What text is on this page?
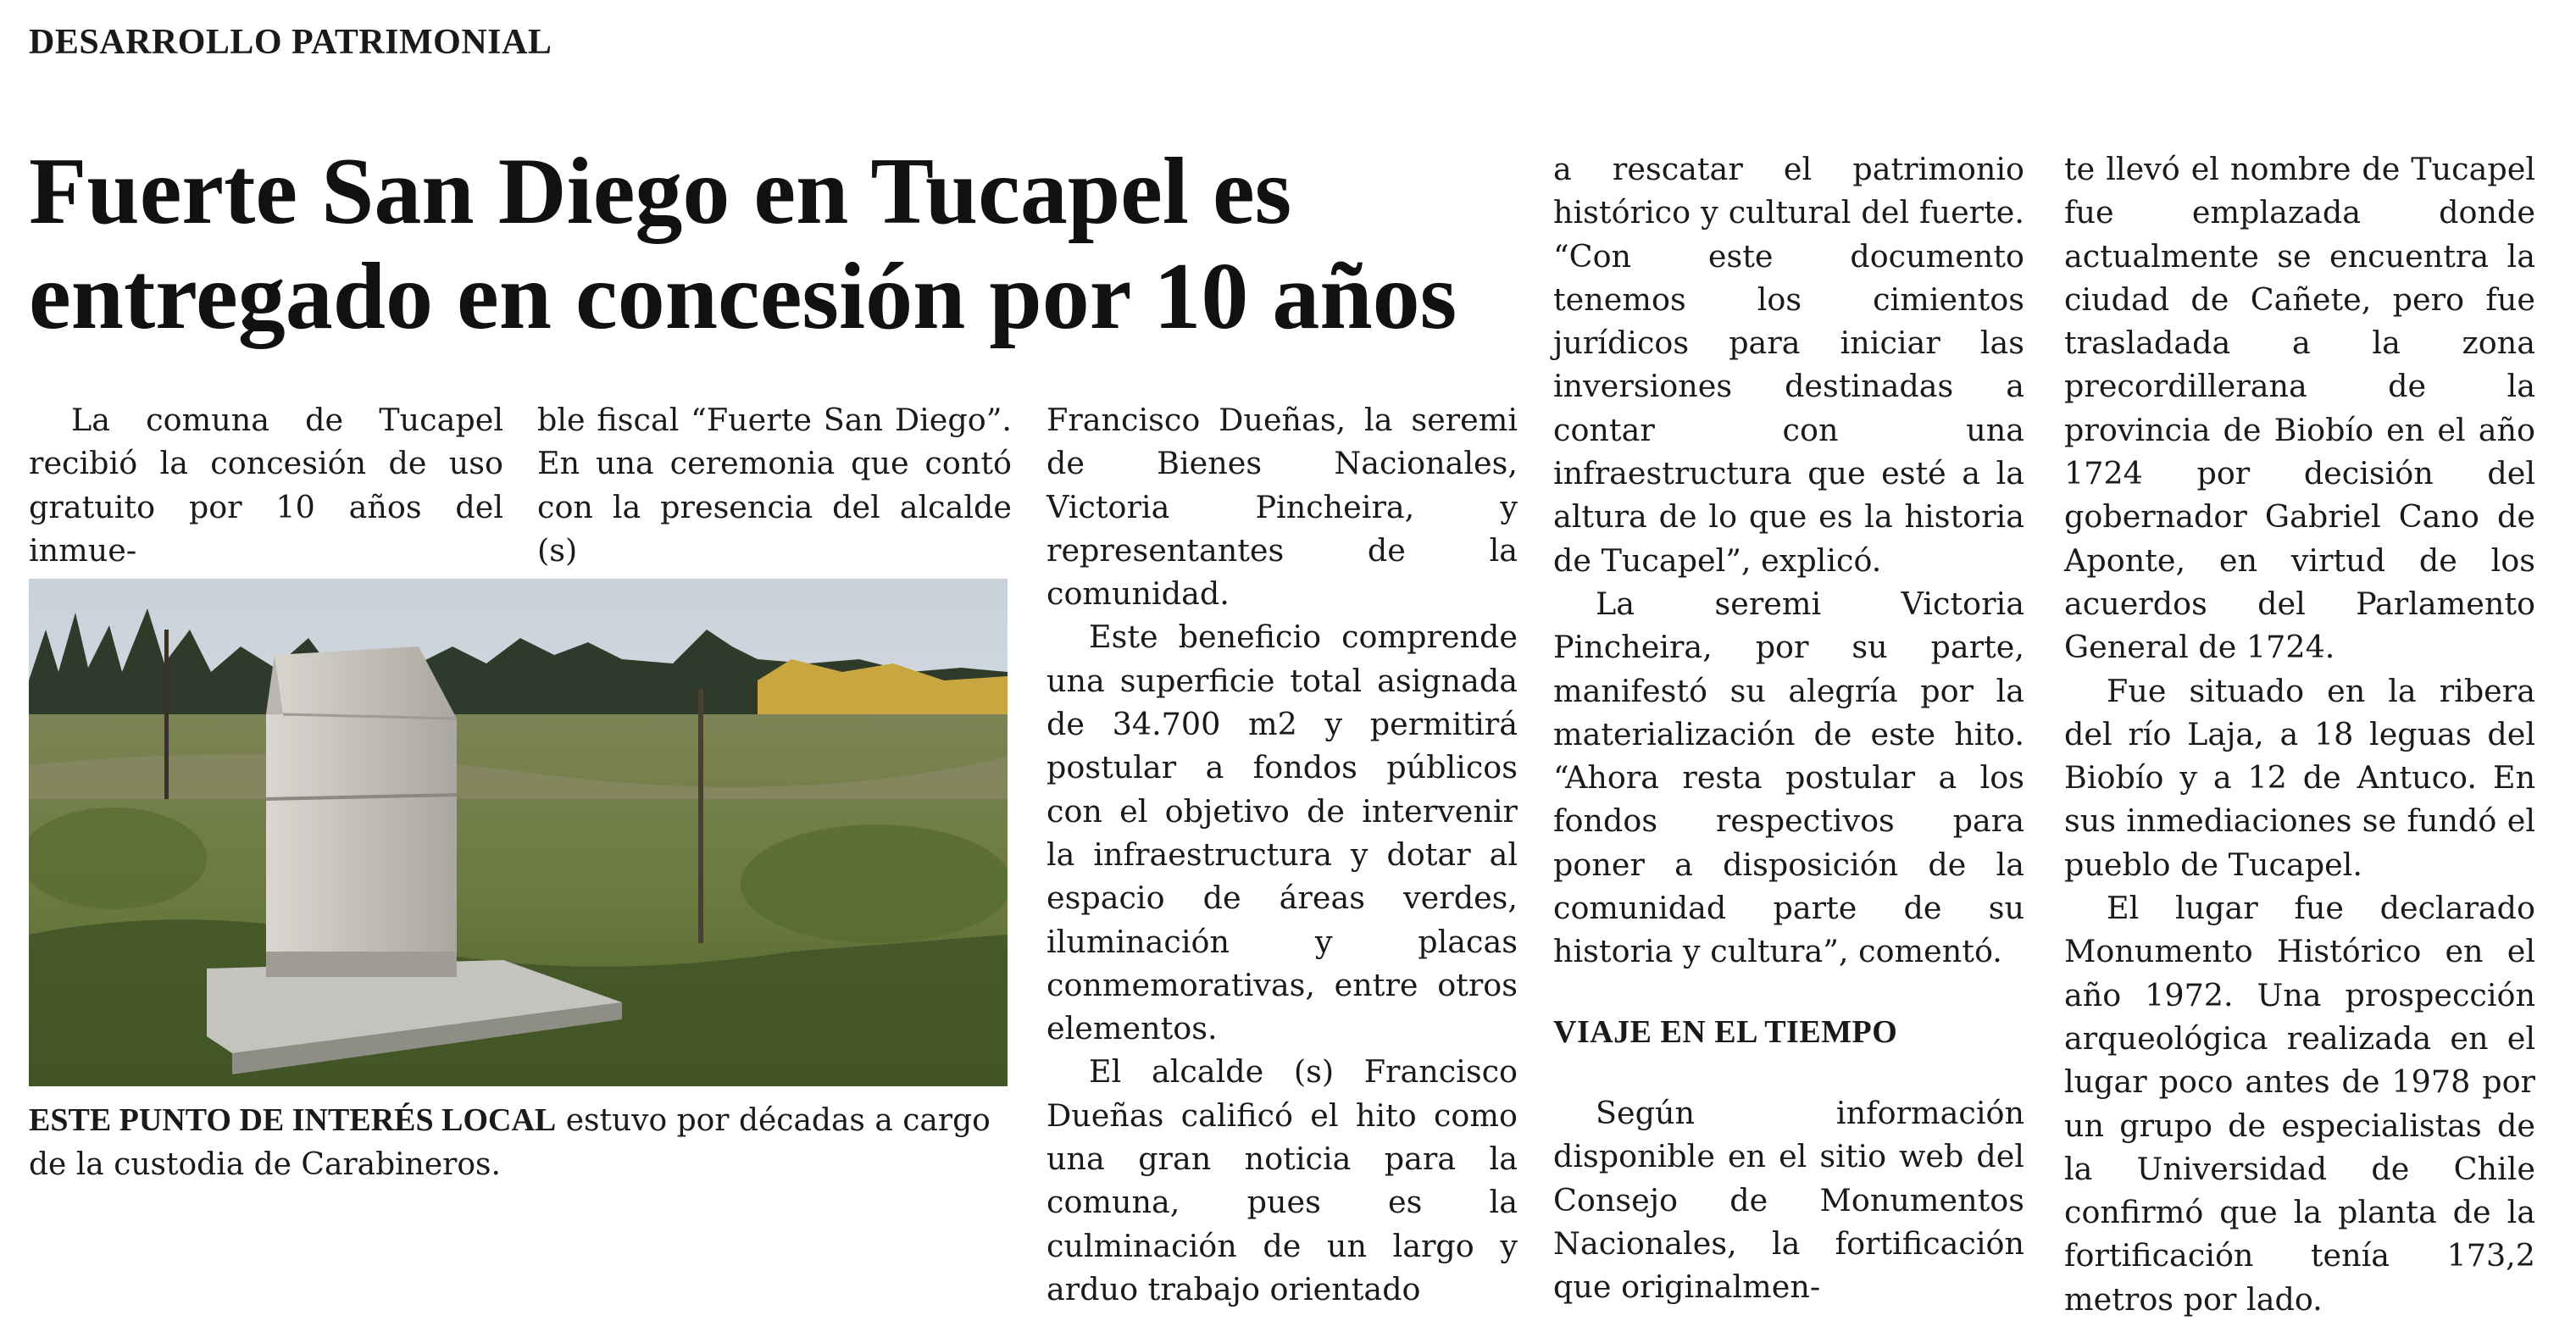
DESARROLLO PATRIMONIAL
Fuerte San Diego en Tucapel es
entregado en concesión por 10 años

La comuna de Tucapel recibió la concesión de uso gratuito por 10 años del inmue-

ble fiscal “Fuerte San Diego”. En una ceremonia que contó con la presencia del alcalde (s)

ESTE PUNTO DE INTERÉS LOCAL estuvo por décadas a cargo de la custodia de Carabineros.

Francisco Dueñas, la seremi de Bienes Nacionales, Victoria Pincheira, y representantes de la comunidad.

Este beneficio comprende una superficie total asignada de 34.700 m2 y permitirá postular a fondos públicos con el objetivo de intervenir la infraestructura y dotar al espacio de áreas verdes, iluminación y placas conmemorativas, entre otros elementos.

El alcalde (s) Francisco Dueñas calificó el hito como una gran noticia para la comuna, pues es la culminación de un largo y arduo trabajo orientado

a rescatar el patrimonio histórico y cultural del fuerte. “Con este documento tenemos los cimientos jurídicos para iniciar las inversiones destinadas a contar con una infraestructura que esté a la altura de lo que es la historia de Tucapel”, explicó.

La seremi Victoria Pincheira, por su parte, manifestó su alegría por la materialización de este hito. “Ahora resta postular a los fondos respectivos para poner a disposición de la comunidad parte de su historia y cultura”, comentó.

VIAJE EN EL TIEMPO

Según información disponible en el sitio web del Consejo de Monumentos Nacionales, la fortificación que originalmen-

te llevó el nombre de Tucapel fue emplazada donde actualmente se encuentra la ciudad de Cañete, pero fue trasladada a la zona precordillerana de la provincia de Biobío en el año 1724 por decisión del gobernador Gabriel Cano de Aponte, en virtud de los acuerdos del Parlamento General de 1724.

Fue situado en la ribera del río Laja, a 18 leguas del Biobío y a 12 de Antuco. En sus inmediaciones se fundó el pueblo de Tucapel.

El lugar fue declarado Monumento Histórico en el año 1972. Una prospección arqueológica realizada en el lugar poco antes de 1978 por un grupo de especialistas de la Universidad de Chile confirmó que la planta de la fortificación tenía 173,2 metros por lado.
